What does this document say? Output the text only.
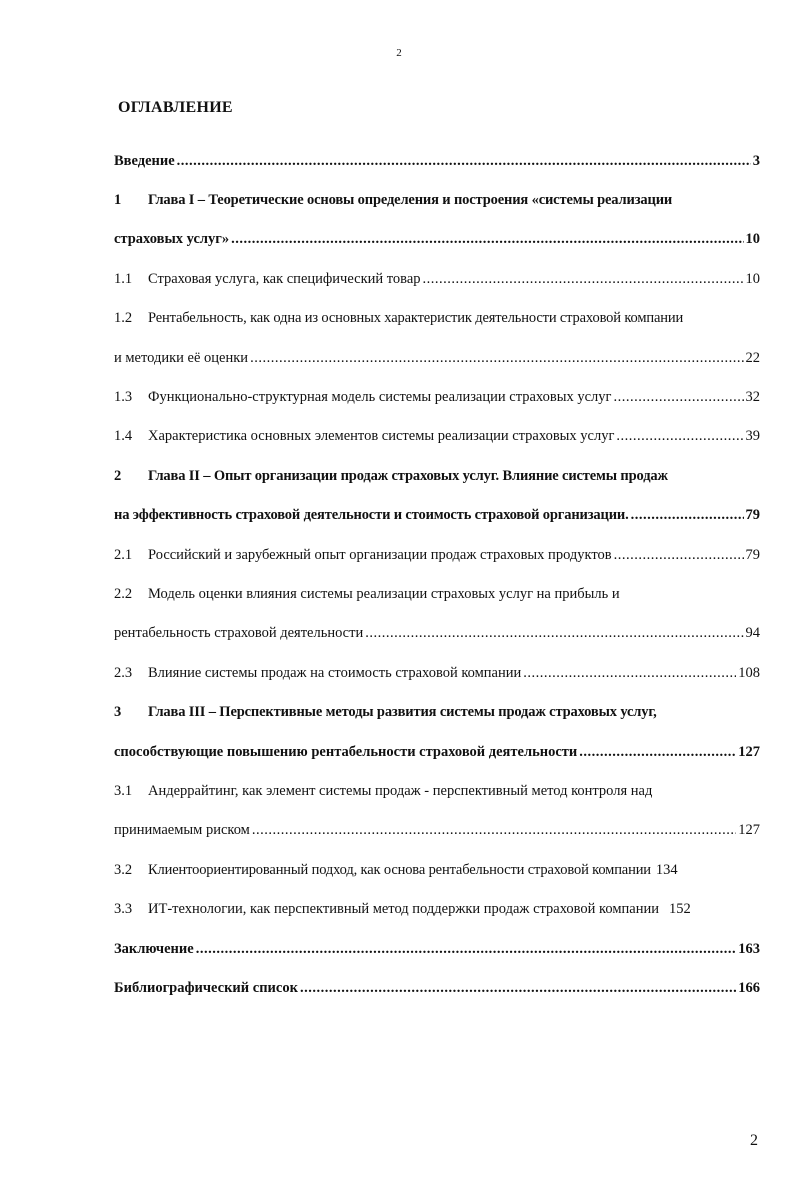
2
ОГЛАВЛЕНИЕ
Введение .....	3
1	Глава I – Теоретические основы определения и построения «системы реализации
страховых услуг» .....	10
1.1	Страховая услуга, как специфический товар .....	10
1.2	Рентабельность, как одна из основных характеристик деятельности страховой компании
и методики её оценки .....	22
1.3	Функционально-структурная модель системы реализации страховых услуг .....	32
1.4	Характеристика основных элементов системы реализации страховых услуг .....	39
2	Глава II – Опыт организации продаж страховых услуг. Влияние системы продаж
на эффективность страховой деятельности и стоимость страховой организации. .....	79
2.1	Российский и зарубежный опыт организации продаж страховых продуктов .....	79
2.2	Модель оценки влияния системы реализации страховых услуг на прибыль и
рентабельность страховой деятельности .....	94
2.3	Влияние системы продаж на стоимость страховой компании .....	108
3	Глава III – Перспективные методы развития системы продаж страховых услуг,
способствующие повышению рентабельности страховой деятельности .....	127
3.1	Андеррайтинг, как элемент системы продаж - перспективный метод контроля над
принимаемым риском .....	127
3.2	Клиентоориентированный подход, как основа рентабельности страховой компании 134
3.3	ИТ-технологии, как перспективный метод поддержки продаж страховой компании 152
Заключение .....	163
Библиографический список .....	166
2
